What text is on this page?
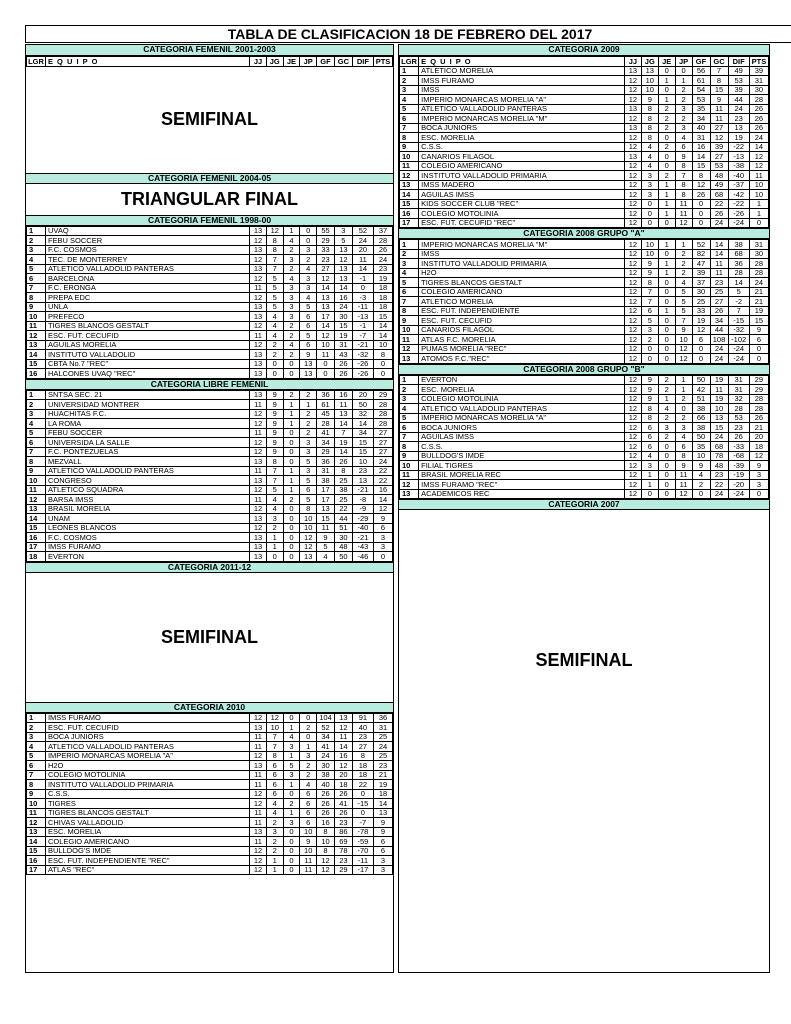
TABLA DE CLASIFICACION 18 DE FEBRERO DEL 2017
CATEGORIA FEMENIL 2001-2003
LGR	E Q U I P O	JJ	JG	JE	JP	GF	GC	DIF	PTS
SEMIFINAL
CATEGORIA FEMENIL 2004-05
TRIANGULAR FINAL
CATEGORIA FEMENIL 1998-00
1	UVAQ	13	12	1	0	55	3	52	37
2	FEBU SOCCER	12	8	4	0	29	5	24	28
3	F.C. COSMOS	13	8	2	3	33	13	20	26
4	TEC. DE MONTERREY	12	7	3	2	23	12	11	24
5	ATLETICO VALLADOLID PANTERAS	13	7	2	4	27	13	14	23
6	BARCELONA	12	5	4	3	12	13	-1	19
7	F.C. ERONGA	11	5	3	3	14	14	0	18
8	PREPA EDC	12	5	3	4	13	16	-3	18
9	UNLA	13	5	3	5	13	24	-11	18
10	PREFECO	13	4	3	6	17	30	-13	15
11	TIGRES BLANCOS GESTALT	12	4	2	6	14	15	-1	14
12	ESC. FUT. CECUFID	11	4	2	5	12	19	-7	14
13	AGUILAS MORELIA	12	2	4	6	10	31	-21	10
14	INSTITUTO VALLADOLID	13	2	2	9	11	43	-32	8
15	CBTA No.7 "REC"	13	0	0	13	0	26	-26	0
16	HALCONES UVAQ "REC"	13	0	0	13	0	26	-26	0
CATEGORIA LIBRE FEMENIL
1	SNTSA SEC. 21	13	9	2	2	36	16	20	29
2	UNIVERSIDAD MONTRER	11	9	1	1	61	11	50	28
3	HUACHITAS F.C.	12	9	1	2	45	13	32	28
4	LA ROMA	12	9	1	2	28	14	14	28
5	FEBU SOCCER	11	9	0	2	41	7	34	27
6	UNIVERSIDA LA SALLE	12	9	0	3	34	19	15	27
7	F.C. PONTEZUELAS	12	9	0	3	29	14	15	27
8	MEZVALL	13	8	0	5	36	26	10	24
9	ATLETICO VALLADOLID PANTERAS	11	7	1	3	31	8	23	22
10	CONGRESO	13	7	1	5	38	25	13	22
11	ATLETICO SQUADRA	12	5	1	6	17	38	-21	16
12	BARSA IMSS	11	4	2	5	17	25	-8	14
13	BRASIL MORELIA	12	4	0	8	13	22	-9	12
14	UNAM	13	3	0	10	15	44	-29	9
15	LEONES BLANCOS	12	2	0	10	11	51	-40	6
16	F.C. COSMOS	13	1	0	12	9	30	-21	3
17	IMSS FURAMO	13	1	0	12	5	48	-43	3
18	EVERTON	13	0	0	13	4	50	-46	0
CATEGORIA 2011-12
SEMIFINAL
CATEGORIA 2010
1	IMSS FURAMO	12	12	0	0	104	13	91	36
2	ESC. FUT. CECUFID	13	10	1	2	52	12	40	31
3	BOCA JUNIORS	11	7	4	0	34	11	23	25
4	ATLETICO VALLADOLID PANTERAS	11	7	3	1	41	14	27	24
5	IMPERIO MONARCAS MORELIA "A"	12	8	1	3	24	16	8	25
6	H2O	13	6	5	2	30	12	18	23
7	COLEGIO MOTOLINIA	11	6	3	2	38	20	18	21
8	INSTITUTO VALLADOLID PRIMARIA	11	6	1	4	40	18	22	19
9	C.S.S.	12	6	0	6	26	26	0	18
10	TIGRES	12	4	2	6	26	41	-15	14
11	TIGRES BLANCOS GESTALT	11	4	1	6	26	26	0	13
12	CHIVAS VALLADOLID	11	2	3	6	16	23	-7	9
13	ESC. MORELIA	13	3	0	10	8	86	-78	9
14	COLEGIO AMERICANO	11	2	0	9	10	69	-59	6
15	BULLDOG'S IMDE	12	2	0	10	8	78	-70	6
16	ESC. FUT. INDEPENDIENTE "REC"	12	1	0	11	12	23	-11	3
17	ATLAS "REC"	12	1	0	11	12	29	-17	3
CATEGORIA 2009
LGR	E Q U I P O	JJ	JG	JE	JP	GF	GC	DIF	PTS
1	ATLETICO MORELIA	13	13	0	0	56	7	49	39
2	IMSS FURAMO	12	10	1	1	61	8	53	31
3	IMSS	12	10	0	2	54	15	39	30
4	IMPERIO MONARCAS MORELIA "A"	12	9	1	2	53	9	44	28
5	ATLETICO VALLADOLID PANTERAS	13	8	2	3	35	11	24	26
6	IMPERIO MONARCAS MORELIA "M"	12	8	2	2	34	11	23	26
7	BOCA JUNIORS	13	8	2	3	40	27	13	26
8	ESC. MORELIA	12	8	0	4	31	12	19	24
9	C.S.S.	12	4	2	6	16	39	-22	14
10	CANARIOS FILAGOL	13	4	0	9	14	27	-13	12
11	COLEGIO AMERICANO	12	4	0	8	15	53	-38	12
12	INSTITUTO VALLADOLID PRIMARIA	12	3	2	7	8	48	-40	11
13	IMSS MADERO	12	3	1	8	12	49	-37	10
14	AGUILAS IMSS	12	3	1	8	26	68	-42	10
15	KIDS SOCCER CLUB "REC"	12	0	1	11	0	22	-22	1
16	COLEGIO MOTOLINIA	12	0	1	11	0	26	-26	1
17	ESC. FUT. CECUFID "REC"	12	0	0	12	0	24	-24	0
CATEGORIA 2008 GRUPO "A"
1	IMPERIO MONARCAS MORELIA "M"	12	10	1	1	52	14	38	31
2	IMSS	12	10	0	2	82	14	68	30
3	INSTITUTO VALLADOLID PRIMARIA	12	9	1	2	47	11	36	28
4	H2O	12	9	1	2	39	11	28	28
5	TIGRES BLANCOS GESTALT	12	8	0	4	37	23	14	24
6	COLEGIO AMERICANO	12	7	0	5	30	25	5	21
7	ATLETICO MORELIA	12	7	0	5	25	27	-2	21
8	ESC. FUT. INDEPENDIENTE	12	6	1	5	33	26	7	19
9	ESC. FUT. CECUFID	12	5	0	7	19	34	-15	15
10	CANARIOS FILAGOL	12	3	0	9	12	44	-32	9
11	ATLAS F.C. MORELIA	12	2	0	10	6	108	-102	6
12	PUMAS MORELIA "REC"	12	0	0	12	0	24	-24	0
13	ATOMOS F.C."REC"	12	0	0	12	0	24	-24	0
CATEGORIA 2008 GRUPO "B"
1	EVERTON	12	9	2	1	50	19	31	29
2	ESC. MORELIA	12	9	2	1	42	11	31	29
3	COLEGIO MOTOLINIA	12	9	1	2	51	19	32	28
4	ATLETICO VALLADOLID PANTERAS	12	8	4	0	38	10	28	28
5	IMPERIO MONARCAS MORELIA "A"	12	8	2	2	66	13	53	26
6	BOCA JUNIORS	12	6	3	3	38	15	23	21
7	AGUILAS IMSS	12	6	2	4	50	24	26	20
8	C.S.S.	12	6	0	6	35	68	-33	18
9	BULLDOG'S IMDE	12	4	0	8	10	78	-68	12
10	FILIAL TIGRES	12	3	0	9	9	48	-39	9
11	BRASIL MORELIA REC	12	1	0	11	4	23	-19	3
12	IMSS FURAMO "REC"	12	1	0	11	2	22	-20	3
13	ACADEMICOS REC	12	0	0	12	0	24	-24	0
CATEGORIA 2007
SEMIFINAL
